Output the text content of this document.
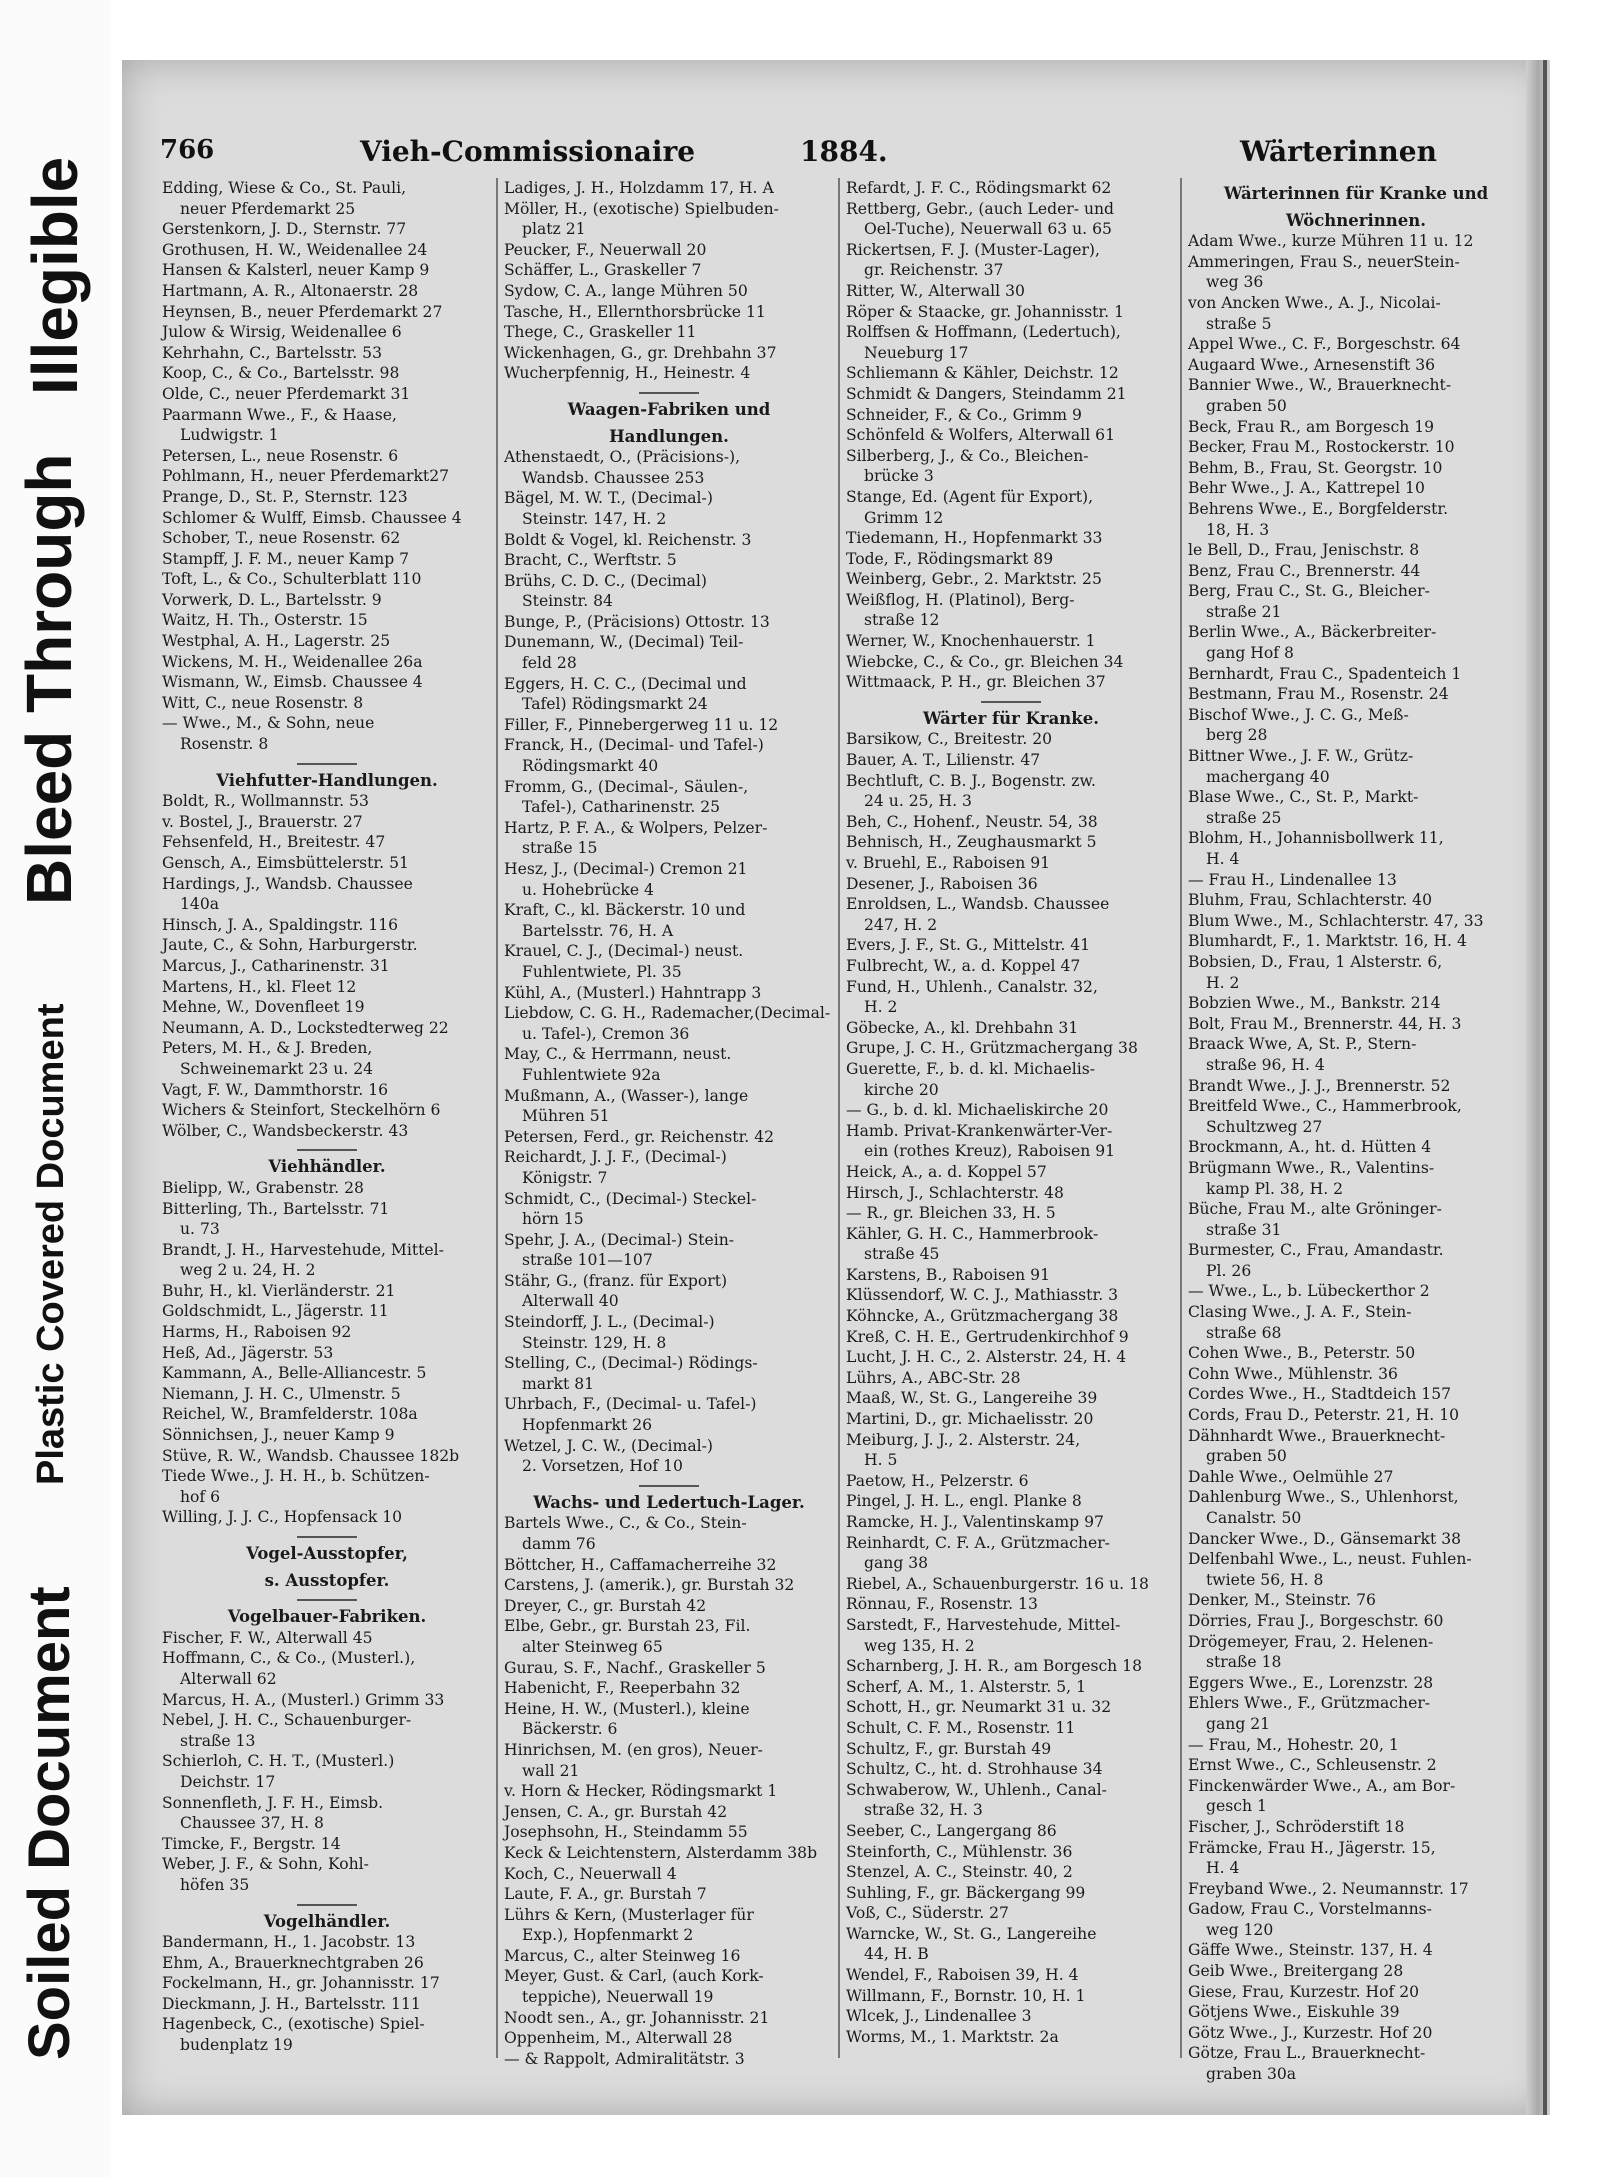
Illegible
Bleed Through
Plastic Covered Document
Soiled Document
766	Vieh-Commissionaire	1884.	Wärterinnen
Edding, Wiese & Co., St. Pauli,
neuer Pferdemarkt 25
Gerstenkorn, J. D., Sternstr. 77
Grothusen, H. W., Weidenallee 24
Hansen & Kalsterl, neuer Kamp 9
Hartmann, A. R., Altonaerstr. 28
Heynsen, B., neuer Pferdemarkt 27
Julow & Wirsig, Weidenallee 6
Kehrhahn, C., Bartelsstr. 53
Koop, C., & Co., Bartelsstr. 98
Olde, C., neuer Pferdemarkt 31
Paarmann Wwe., F., & Haase,
Ludwigstr. 1
Petersen, L., neue Rosenstr. 6
Pohlmann, H., neuer Pferdemarkt27
Prange, D., St. P., Sternstr. 123
Schlomer & Wulff, Eimsb. Chaussee 4
Schober, T., neue Rosenstr. 62
Stampff, J. F. M., neuer Kamp 7
Toft, L., & Co., Schulterblatt 110
Vorwerk, D. L., Bartelsstr. 9
Waitz, H. Th., Osterstr. 15
Westphal, A. H., Lagerstr. 25
Wickens, M. H., Weidenallee 26a
Wismann, W., Eimsb. Chaussee 4
Witt, C., neue Rosenstr. 8
— Wwe., M., & Sohn, neue
Rosenstr. 8
Viehfutter-Handlungen.
Boldt, R., Wollmannstr. 53
v. Bostel, J., Brauerstr. 27
Fehsenfeld, H., Breitestr. 47
Gensch, A., Eimsbüttelerstr. 51
Hardings, J., Wandsb. Chaussee
140a
Hinsch, J. A., Spaldingstr. 116
Jaute, C., & Sohn, Harburgerstr.
Marcus, J., Catharinenstr. 31
Martens, H., kl. Fleet 12
Mehne, W., Dovenfleet 19
Neumann, A. D., Lockstedterweg 22
Peters, M. H., & J. Breden,
Schweinemarkt 23 u. 24
Vagt, F. W., Dammthorstr. 16
Wichers & Steinfort, Steckelhörn 6
Wölber, C., Wandsbeckerstr. 43
Viehhändler.
Bielipp, W., Grabenstr. 28
Bitterling, Th., Bartelsstr. 71
u. 73
Brandt, J. H., Harvestehude, Mittel-
weg 2 u. 24, H. 2
Buhr, H., kl. Vierländerstr. 21
Goldschmidt, L., Jägerstr. 11
Harms, H., Raboisen 92
Heß, Ad., Jägerstr. 53
Kammann, A., Belle-Alliancestr. 5
Niemann, J. H. C., Ulmenstr. 5
Reichel, W., Bramfelderstr. 108a
Sönnichsen, J., neuer Kamp 9
Stüve, R. W., Wandsb. Chaussee 182b
Tiede Wwe., J. H. H., b. Schützen-
hof 6
Willing, J. J. C., Hopfensack 10
Vogel-Ausstopfer,
s. Ausstopfer.
Vogelbauer-Fabriken.
Fischer, F. W., Alterwall 45
Hoffmann, C., & Co., (Musterl.),
Alterwall 62
Marcus, H. A., (Musterl.) Grimm 33
Nebel, J. H. C., Schauenburger-
straße 13
Schierloh, C. H. T., (Musterl.)
Deichstr. 17
Sonnenfleth, J. F. H., Eimsb.
Chaussee 37, H. 8
Timcke, F., Bergstr. 14
Weber, J. F., & Sohn, Kohl-
höfen 35
Vogelhändler.
Bandermann, H., 1. Jacobstr. 13
Ehm, A., Brauerknechtgraben 26
Fockelmann, H., gr. Johannisstr. 17
Dieckmann, J. H., Bartelsstr. 111
Hagenbeck, C., (exotische) Spiel-
budenplatz 19
Ladiges, J. H., Holzdamm 17, H. A
Möller, H., (exotische) Spielbuden-
platz 21
Peucker, F., Neuerwall 20
Schäffer, L., Graskeller 7
Sydow, C. A., lange Mühren 50
Tasche, H., Ellernthorsbrücke 11
Thege, C., Graskeller 11
Wickenhagen, G., gr. Drehbahn 37
Wucherpfennig, H., Heinestr. 4
Waagen-Fabriken und
Handlungen.
Athenstaedt, O., (Präcisions-),
Wandsb. Chaussee 253
Bägel, M. W. T., (Decimal-)
Steinstr. 147, H. 2
Boldt & Vogel, kl. Reichenstr. 3
Bracht, C., Werftstr. 5
Brühs, C. D. C., (Decimal)
Steinstr. 84
Bunge, P., (Präcisions) Ottostr. 13
Dunemann, W., (Decimal) Teil-
feld 28
Eggers, H. C. C., (Decimal und
Tafel) Rödingsmarkt 24
Filler, F., Pinnebergerweg 11 u. 12
Franck, H., (Decimal- und Tafel-)
Rödingsmarkt 40
Fromm, G., (Decimal-, Säulen-,
Tafel-), Catharinenstr. 25
Hartz, P. F. A., & Wolpers, Pelzer-
straße 15
Hesz, J., (Decimal-) Cremon 21
u. Hohebrücke 4
Kraft, C., kl. Bäckerstr. 10 und
Bartelsstr. 76, H. A
Krauel, C. J., (Decimal-) neust.
Fuhlentwiete, Pl. 35
Kühl, A., (Musterl.) Hahntrapp 3
Liebdow, C. G. H., Rademacher,(Decimal-
u. Tafel-), Cremon 36
May, C., & Herrmann, neust.
Fuhlentwiete 92a
Mußmann, A., (Wasser-), lange
Mühren 51
Petersen, Ferd., gr. Reichenstr. 42
Reichardt, J. J. F., (Decimal-)
Königstr. 7
Schmidt, C., (Decimal-) Steckel-
hörn 15
Spehr, J. A., (Decimal-) Stein-
straße 101—107
Stähr, G., (franz. für Export)
Alterwall 40
Steindorff, J. L., (Decimal-)
Steinstr. 129, H. 8
Stelling, C., (Decimal-) Rödings-
markt 81
Uhrbach, F., (Decimal- u. Tafel-)
Hopfenmarkt 26
Wetzel, J. C. W., (Decimal-)
2. Vorsetzen, Hof 10
Wachs- und Ledertuch-Lager.
Bartels Wwe., C., & Co., Stein-
damm 76
Böttcher, H., Caffamacherreihe 32
Carstens, J. (amerik.), gr. Burstah 32
Dreyer, C., gr. Burstah 42
Elbe, Gebr., gr. Burstah 23, Fil.
alter Steinweg 65
Gurau, S. F., Nachf., Graskeller 5
Habenicht, F., Reeperbahn 32
Heine, H. W., (Musterl.), kleine
Bäckerstr. 6
Hinrichsen, M. (en gros), Neuer-
wall 21
v. Horn & Hecker, Rödingsmarkt 1
Jensen, C. A., gr. Burstah 42
Josephsohn, H., Steindamm 55
Keck & Leichtenstern, Alsterdamm 38b
Koch, C., Neuerwall 4
Laute, F. A., gr. Burstah 7
Lührs & Kern, (Musterlager für
Exp.), Hopfenmarkt 2
Marcus, C., alter Steinweg 16
Meyer, Gust. & Carl, (auch Kork-
teppiche), Neuerwall 19
Noodt sen., A., gr. Johannisstr. 21
Oppenheim, M., Alterwall 28
— & Rappolt, Admiralitätstr. 3
Refardt, J. F. C., Rödingsmarkt 62
Rettberg, Gebr., (auch Leder- und
Oel-Tuche), Neuerwall 63 u. 65
Rickertsen, F. J. (Muster-Lager),
gr. Reichenstr. 37
Ritter, W., Alterwall 30
Röper & Staacke, gr. Johannisstr. 1
Rolffsen & Hoffmann, (Ledertuch),
Neueburg 17
Schliemann & Kähler, Deichstr. 12
Schmidt & Dangers, Steindamm 21
Schneider, F., & Co., Grimm 9
Schönfeld & Wolfers, Alterwall 61
Silberberg, J., & Co., Bleichen-
brücke 3
Stange, Ed. (Agent für Export),
Grimm 12
Tiedemann, H., Hopfenmarkt 33
Tode, F., Rödingsmarkt 89
Weinberg, Gebr., 2. Marktstr. 25
Weißflog, H. (Platinol), Berg-
straße 12
Werner, W., Knochenhauerstr. 1
Wiebcke, C., & Co., gr. Bleichen 34
Wittmaack, P. H., gr. Bleichen 37
Wärter für Kranke.
Barsikow, C., Breitestr. 20
Bauer, A. T., Lilienstr. 47
Bechtluft, C. B. J., Bogenstr. zw.
24 u. 25, H. 3
Beh, C., Hohenf., Neustr. 54, 38
Behnisch, H., Zeughausmarkt 5
v. Bruehl, E., Raboisen 91
Desener, J., Raboisen 36
Enroldsen, L., Wandsb. Chaussee
247, H. 2
Evers, J. F., St. G., Mittelstr. 41
Fulbrecht, W., a. d. Koppel 47
Fund, H., Uhlenh., Canalstr. 32,
H. 2
Göbecke, A., kl. Drehbahn 31
Grupe, J. C. H., Grützmachergang 38
Guerette, F., b. d. kl. Michaelis-
kirche 20
— G., b. d. kl. Michaeliskirche 20
Hamb. Privat-Krankenwärter-Ver-
ein (rothes Kreuz), Raboisen 91
Heick, A., a. d. Koppel 57
Hirsch, J., Schlachterstr. 48
— R., gr. Bleichen 33, H. 5
Kähler, G. H. C., Hammerbrook-
straße 45
Karstens, B., Raboisen 91
Klüssendorf, W. C. J., Mathiasstr. 3
Köhncke, A., Grützmachergang 38
Kreß, C. H. E., Gertrudenkirchhof 9
Lucht, J. H. C., 2. Alsterstr. 24, H. 4
Lührs, A., ABC-Str. 28
Maaß, W., St. G., Langereihe 39
Martini, D., gr. Michaelisstr. 20
Meiburg, J. J., 2. Alsterstr. 24,
H. 5
Paetow, H., Pelzerstr. 6
Pingel, J. H. L., engl. Planke 8
Ramcke, H. J., Valentinskamp 97
Reinhardt, C. F. A., Grützmacher-
gang 38
Riebel, A., Schauenburgerstr. 16 u. 18
Rönnau, F., Rosenstr. 13
Sarstedt, F., Harvestehude, Mittel-
weg 135, H. 2
Scharnberg, J. H. R., am Borgesch 18
Scherf, A. M., 1. Alsterstr. 5, 1
Schott, H., gr. Neumarkt 31 u. 32
Schult, C. F. M., Rosenstr. 11
Schultz, F., gr. Burstah 49
Schultz, C., ht. d. Strohhause 34
Schwaberow, W., Uhlenh., Canal-
straße 32, H. 3
Seeber, C., Langergang 86
Steinforth, C., Mühlenstr. 36
Stenzel, A. C., Steinstr. 40, 2
Suhling, F., gr. Bäckergang 99
Voß, C., Süderstr. 27
Warncke, W., St. G., Langereihe
44, H. B
Wendel, F., Raboisen 39, H. 4
Willmann, F., Bornstr. 10, H. 1
Wlcek, J., Lindenallee 3
Worms, M., 1. Marktstr. 2a
Wärterinnen für Kranke und
Wöchnerinnen.
Adam Wwe., kurze Mühren 11 u. 12
Ammeringen, Frau S., neuerStein-
weg 36
von Ancken Wwe., A. J., Nicolai-
straße 5
Appel Wwe., C. F., Borgeschstr. 64
Augaard Wwe., Arnesenstift 36
Bannier Wwe., W., Brauerknecht-
graben 50
Beck, Frau R., am Borgesch 19
Becker, Frau M., Rostockerstr. 10
Behm, B., Frau, St. Georgstr. 10
Behr Wwe., J. A., Kattrepel 10
Behrens Wwe., E., Borgfelderstr.
18, H. 3
le Bell, D., Frau, Jenischstr. 8
Benz, Frau C., Brennerstr. 44
Berg, Frau C., St. G., Bleicher-
straße 21
Berlin Wwe., A., Bäckerbreiter-
gang Hof 8
Bernhardt, Frau C., Spadenteich 1
Bestmann, Frau M., Rosenstr. 24
Bischof Wwe., J. C. G., Meß-
berg 28
Bittner Wwe., J. F. W., Grütz-
machergang 40
Blase Wwe., C., St. P., Markt-
straße 25
Blohm, H., Johannisbollwerk 11,
H. 4
— Frau H., Lindenallee 13
Bluhm, Frau, Schlachterstr. 40
Blum Wwe., M., Schlachterstr. 47, 33
Blumhardt, F., 1. Marktstr. 16, H. 4
Bobsien, D., Frau, 1 Alsterstr. 6,
H. 2
Bobzien Wwe., M., Bankstr. 214
Bolt, Frau M., Brennerstr. 44, H. 3
Braack Wwe, A, St. P., Stern-
straße 96, H. 4
Brandt Wwe., J. J., Brennerstr. 52
Breitfeld Wwe., C., Hammerbrook,
Schultzweg 27
Brockmann, A., ht. d. Hütten 4
Brügmann Wwe., R., Valentins-
kamp Pl. 38, H. 2
Büche, Frau M., alte Gröninger-
straße 31
Burmester, C., Frau, Amandastr.
Pl. 26
— Wwe., L., b. Lübeckerthor 2
Clasing Wwe., J. A. F., Stein-
straße 68
Cohen Wwe., B., Peterstr. 50
Cohn Wwe., Mühlenstr. 36
Cordes Wwe., H., Stadtdeich 157
Cords, Frau D., Peterstr. 21, H. 10
Dähnhardt Wwe., Brauerknecht-
graben 50
Dahle Wwe., Oelmühle 27
Dahlenburg Wwe., S., Uhlenhorst,
Canalstr. 50
Dancker Wwe., D., Gänsemarkt 38
Delfenbahl Wwe., L., neust. Fuhlen-
twiete 56, H. 8
Denker, M., Steinstr. 76
Dörries, Frau J., Borgeschstr. 60
Drögemeyer, Frau, 2. Helenen-
straße 18
Eggers Wwe., E., Lorenzstr. 28
Ehlers Wwe., F., Grützmacher-
gang 21
— Frau, M., Hohestr. 20, 1
Ernst Wwe., C., Schleusenstr. 2
Finckenwärder Wwe., A., am Bor-
gesch 1
Fischer, J., Schröderstift 18
Främcke, Frau H., Jägerstr. 15,
H. 4
Freyband Wwe., 2. Neumannstr. 17
Gadow, Frau C., Vorstelmanns-
weg 120
Gäffe Wwe., Steinstr. 137, H. 4
Geib Wwe., Breitergang 28
Giese, Frau, Kurzestr. Hof 20
Götjens Wwe., Eiskuhle 39
Götz Wwe., J., Kurzestr. Hof 20
Götze, Frau L., Brauerknecht-
graben 30a
